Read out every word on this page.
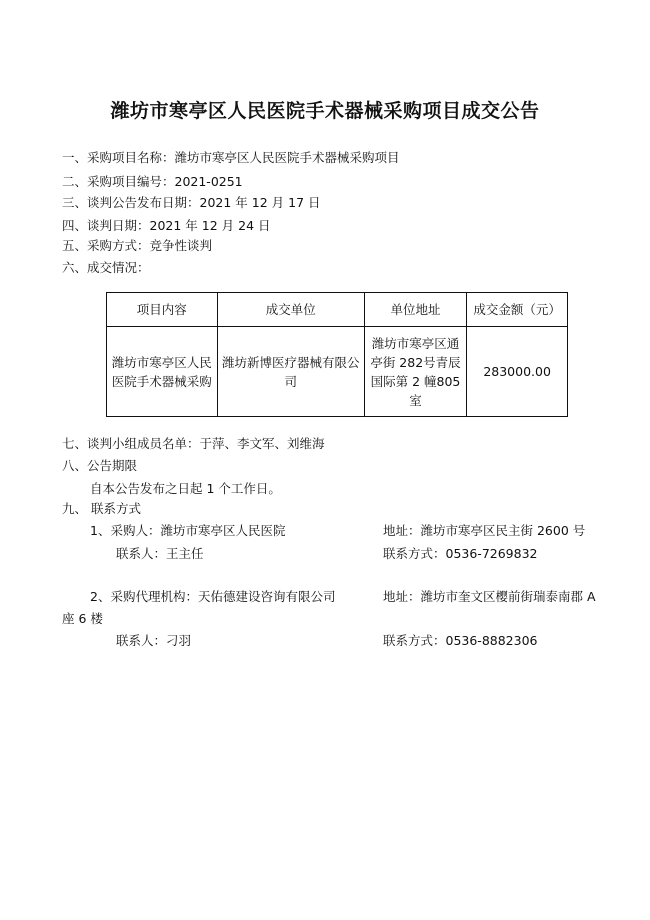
潍坊市寒亭区人民医院手术器械采购项目成交公告
一、采购项目名称：潍坊市寒亭区人民医院手术器械采购项目
二、采购项目编号：2021-0251
三、谈判公告发布日期：2021 年 12 月 17 日
四、谈判日期：2021 年 12 月 24 日
五、采购方式：竞争性谈判
六、成交情况：
项目内容	成交单位	单位地址	成交金额（元）
潍坊市寒亭区人民医院手术器械采购	潍坊新博医疗器械有限公司	潍坊市寒亭区通亭街 282号青辰国际第 2 幢805 室	283000.00
七、谈判小组成员名单：于萍、李文军、刘维海
八、公告期限
自本公告发布之日起 1 个工作日。
九、 联系方式
1、采购人：潍坊市寒亭区人民医院	地址：潍坊市寒亭区民主街 2600 号
联系人：王主任	联系方式：0536-7269832
2、采购代理机构：天佑德建设咨询有限公司	地址：潍坊市奎文区樱前街瑞泰南郡 A
座 6 楼
联系人：刁羽	联系方式：0536-8882306
